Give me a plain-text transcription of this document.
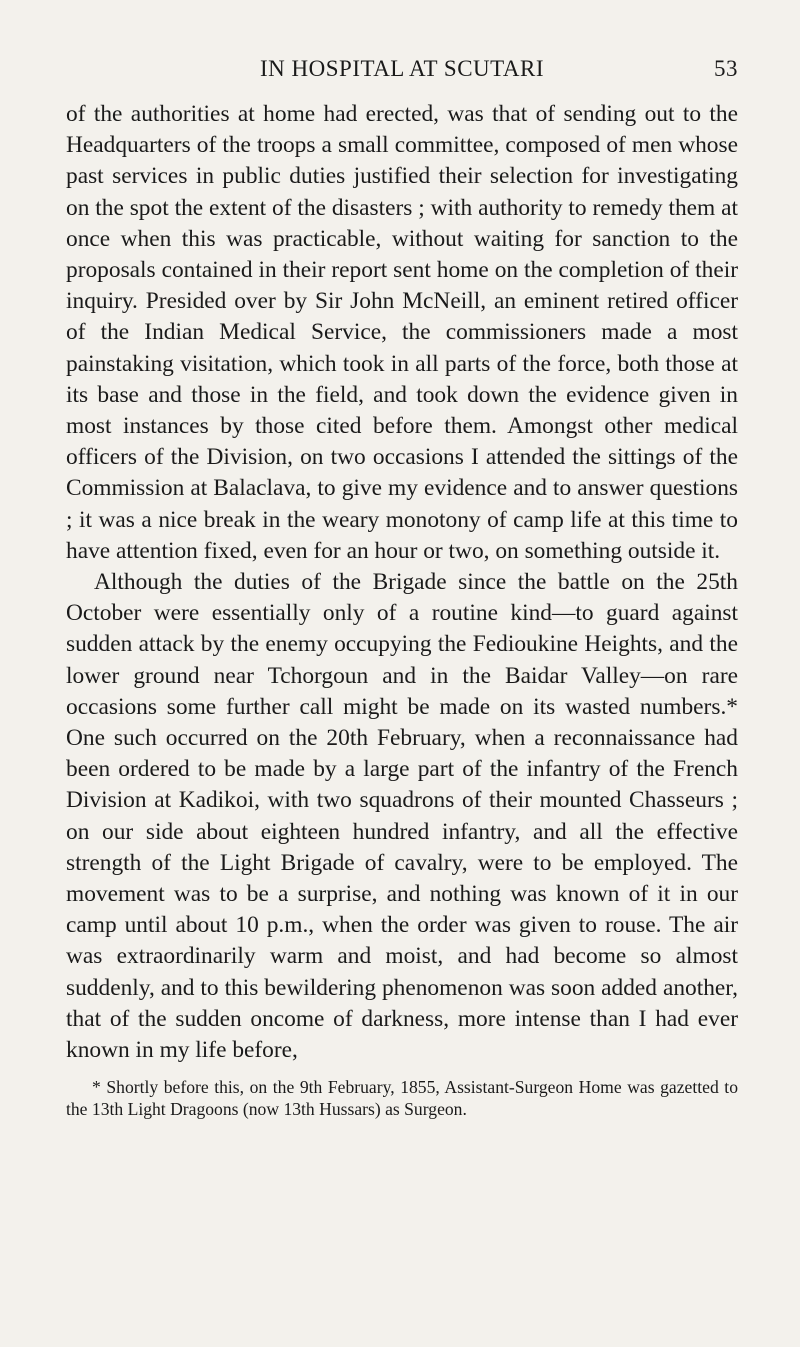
IN HOSPITAL AT SCUTARI	53

of the authorities at home had erected, was that of sending out to the Headquarters of the troops a small committee, composed of men whose past services in public duties justified their selection for investigating on the spot the extent of the disasters ; with authority to remedy them at once when this was practicable, without waiting for sanction to the proposals contained in their report sent home on the completion of their inquiry. Presided over by Sir John McNeill, an eminent retired officer of the Indian Medical Service, the commissioners made a most painstaking visitation, which took in all parts of the force, both those at its base and those in the field, and took down the evidence given in most instances by those cited before them. Amongst other medical officers of the Division, on two occasions I attended the sittings of the Commission at Balaclava, to give my evidence and to answer questions ; it was a nice break in the weary monotony of camp life at this time to have attention fixed, even for an hour or two, on something outside it.

Although the duties of the Brigade since the battle on the 25th October were essentially only of a routine kind—to guard against sudden attack by the enemy occupying the Fedioukine Heights, and the lower ground near Tchorgoun and in the Baidar Valley—on rare occasions some further call might be made on its wasted numbers.* One such occurred on the 20th February, when a reconnaissance had been ordered to be made by a large part of the infantry of the French Division at Kadikoi, with two squadrons of their mounted Chasseurs ; on our side about eighteen hundred infantry, and all the effective strength of the Light Brigade of cavalry, were to be employed. The movement was to be a surprise, and nothing was known of it in our camp until about 10 p.m., when the order was given to rouse. The air was extraordinarily warm and moist, and had become so almost suddenly, and to this bewildering phenomenon was soon added another, that of the sudden oncome of darkness, more intense than I had ever known in my life before,

* Shortly before this, on the 9th February, 1855, Assistant-Surgeon Home was gazetted to the 13th Light Dragoons (now 13th Hussars) as Surgeon.
